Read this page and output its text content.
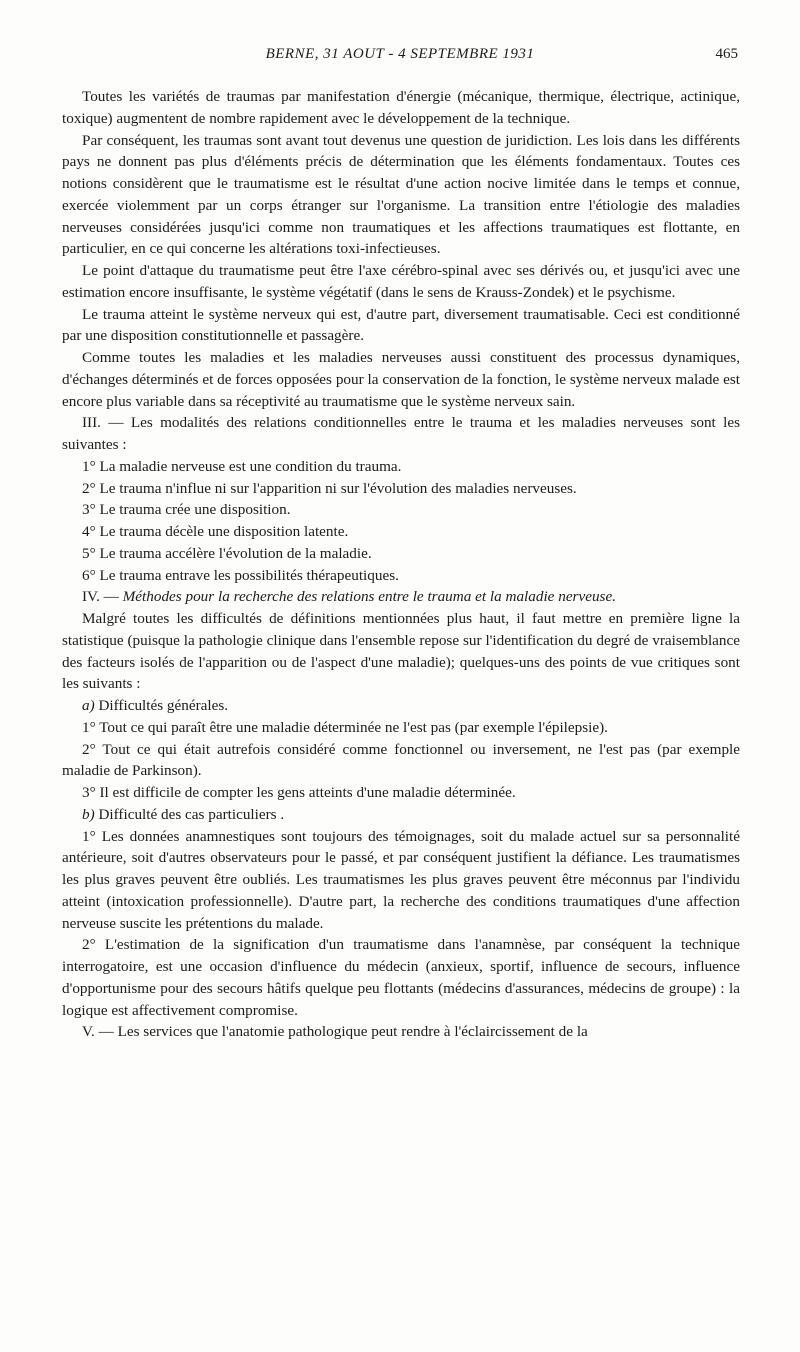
BERNE, 31 AOUT - 4 SEPTEMBRE 1931	465

Toutes les variétés de traumas par manifestation d'énergie (mécanique, thermique, électrique, actinique, toxique) augmentent de nombre rapidement avec le développement de la technique.

Par conséquent, les traumas sont avant tout devenus une question de juridiction. Les lois dans les différents pays ne donnent pas plus d'éléments précis de détermination que les éléments fondamentaux. Toutes ces notions considèrent que le traumatisme est le résultat d'une action nocive limitée dans le temps et connue, exercée violemment par un corps étranger sur l'organisme. La transition entre l'étiologie des maladies nerveuses considérées jusqu'ici comme non traumatiques et les affections traumatiques est flottante, en particulier, en ce qui concerne les altérations toxi-infectieuses.

Le point d'attaque du traumatisme peut être l'axe cérébro-spinal avec ses dérivés ou, et jusqu'ici avec une estimation encore insuffisante, le système végétatif (dans le sens de Krauss-Zondek) et le psychisme.

Le trauma atteint le système nerveux qui est, d'autre part, diversement traumatisable. Ceci est conditionné par une disposition constitutionnelle et passagère.

Comme toutes les maladies et les maladies nerveuses aussi constituent des processus dynamiques, d'échanges déterminés et de forces opposées pour la conservation de la fonction, le système nerveux malade est encore plus variable dans sa réceptivité au traumatisme que le système nerveux sain.

III. — Les modalités des relations conditionnelles entre le trauma et les maladies nerveuses sont les suivantes :

1° La maladie nerveuse est une condition du trauma.

2° Le trauma n'influe ni sur l'apparition ni sur l'évolution des maladies nerveuses.

3° Le trauma crée une disposition.

4° Le trauma décèle une disposition latente.

5° Le trauma accélère l'évolution de la maladie.

6° Le trauma entrave les possibilités thérapeutiques.

IV. — Méthodes pour la recherche des relations entre le trauma et la maladie nerveuse.

Malgré toutes les difficultés de définitions mentionnées plus haut, il faut mettre en première ligne la statistique (puisque la pathologie clinique dans l'ensemble repose sur l'identification du degré de vraisemblance des facteurs isolés de l'apparition ou de l'aspect d'une maladie); quelques-uns des points de vue critiques sont les suivants :

a) Difficultés générales.

1° Tout ce qui paraît être une maladie déterminée ne l'est pas (par exemple l'épilepsie).

2° Tout ce qui était autrefois considéré comme fonctionnel ou inversement, ne l'est pas (par exemple maladie de Parkinson).

3° Il est difficile de compter les gens atteints d'une maladie déterminée.

b) Difficulté des cas particuliers .

1° Les données anamnestiques sont toujours des témoignages, soit du malade actuel sur sa personnalité antérieure, soit d'autres observateurs pour le passé, et par conséquent justifient la défiance. Les traumatismes les plus graves peuvent être oubliés. Les traumatismes les plus graves peuvent être méconnus par l'individu atteint (intoxication professionnelle). D'autre part, la recherche des conditions traumatiques d'une affection nerveuse suscite les prétentions du malade.

2° L'estimation de la signification d'un traumatisme dans l'anamnèse, par conséquent la technique interrogatoire, est une occasion d'influence du médecin (anxieux, sportif, influence de secours, influence d'opportunisme pour des secours hâtifs quelque peu flottants (médecins d'assurances, médecins de groupe) : la logique est affectivement compromise.

V. — Les services que l'anatomie pathologique peut rendre à l'éclaircissement de la
